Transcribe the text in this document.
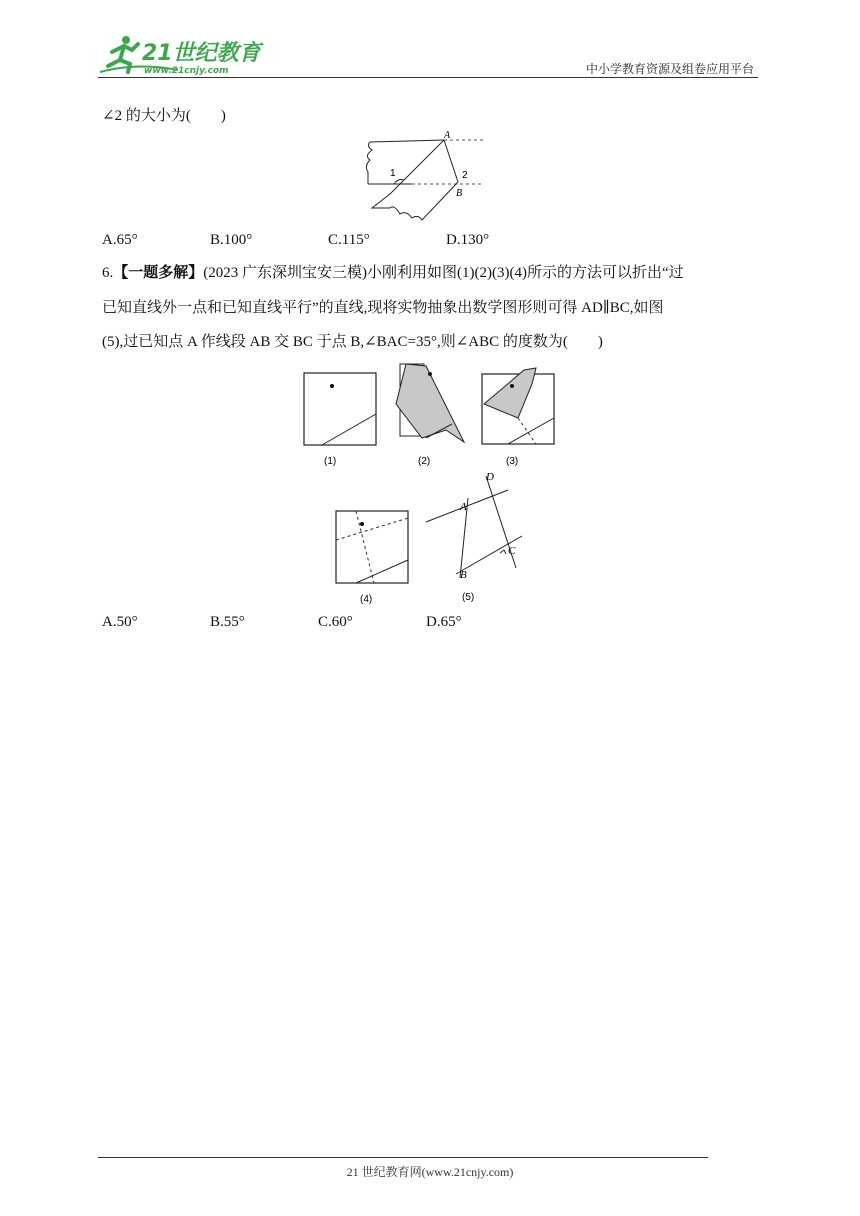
21世纪教育
www.21cnjy.com	中小学教育资源及组卷应用平台
∠2 的大小为(　　)
1	2
A
B
A.65°	B.100°	C.115°	D.130°
6.【一题多解】(2023 广东深圳宝安三模)小刚利用如图(1)(2)(3)(4)所示的方法可以折出“过
已知直线外一点和已知直线平行”的直线,现将实物抽象出数学图形则可得 AD∥BC,如图
(5),过已知点 A 作线段 AB 交 BC 于点 B,∠BAC=35°,则∠ABC 的度数为(　　)
(1)	(2)	(3)
(4)
D
A
C
B
(5)
A.50°	B.55°	C.60°	D.65°
21 世纪教育网(www.21cnjy.com)
